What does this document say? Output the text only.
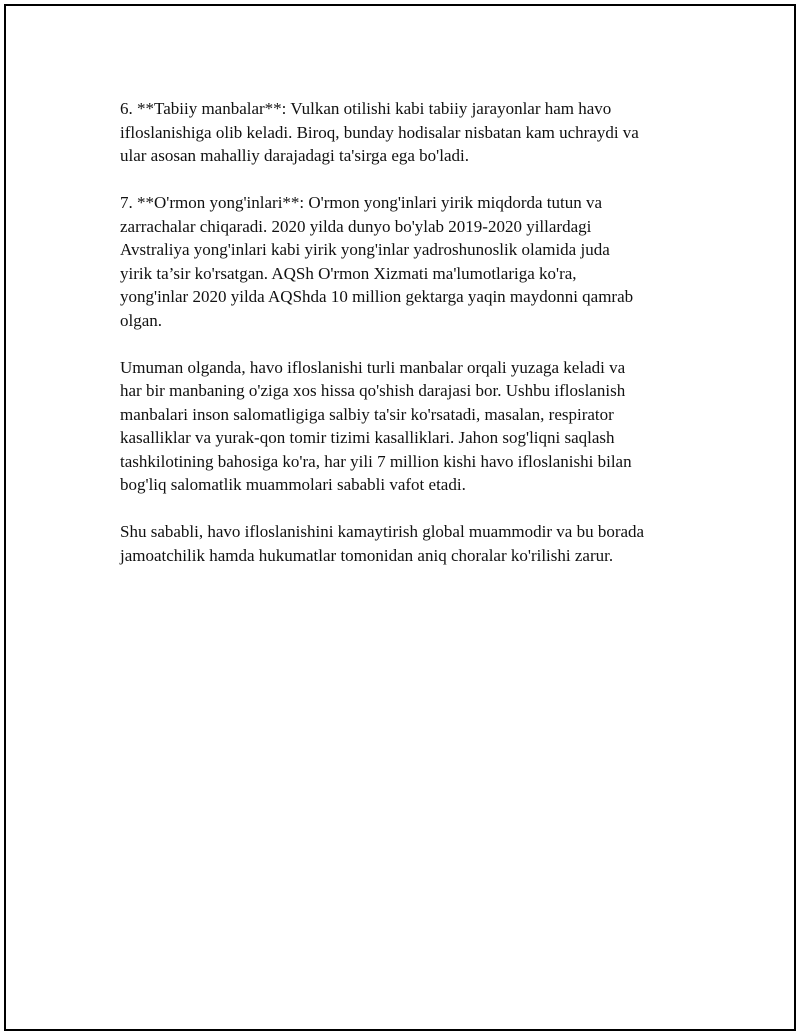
6. **Tabiiy manbalar**: Vulkan otilishi kabi tabiiy jarayonlar ham havo
ifloslanishiga olib keladi. Biroq, bunday hodisalar nisbatan kam uchraydi va
ular asosan mahalliy darajadagi ta'sirga ega bo'ladi.

7. **O'rmon yong'inlari**: O'rmon yong'inlari yirik miqdorda tutun va
zarrachalar chiqaradi. 2020 yilda dunyo bo'ylab 2019-2020 yillardagi
Avstraliya yong'inlari kabi yirik yong'inlar yadroshunoslik olamida juda
yirik ta’sir ko'rsatgan. AQSh O'rmon Xizmati ma'lumotlariga ko'ra,
yong'inlar 2020 yilda AQShda 10 million gektarga yaqin maydonni qamrab
olgan.

Umuman olganda, havo ifloslanishi turli manbalar orqali yuzaga keladi va
har bir manbaning o'ziga xos hissa qo'shish darajasi bor. Ushbu ifloslanish
manbalari inson salomatligiga salbiy ta'sir ko'rsatadi, masalan, respirator
kasalliklar va yurak-qon tomir tizimi kasalliklari. Jahon sog'liqni saqlash
tashkilotining bahosiga ko'ra, har yili 7 million kishi havo ifloslanishi bilan
bog'liq salomatlik muammolari sababli vafot etadi.

Shu sababli, havo ifloslanishini kamaytirish global muammodir va bu borada
jamoatchilik hamda hukumatlar tomonidan aniq choralar ko'rilishi zarur.
